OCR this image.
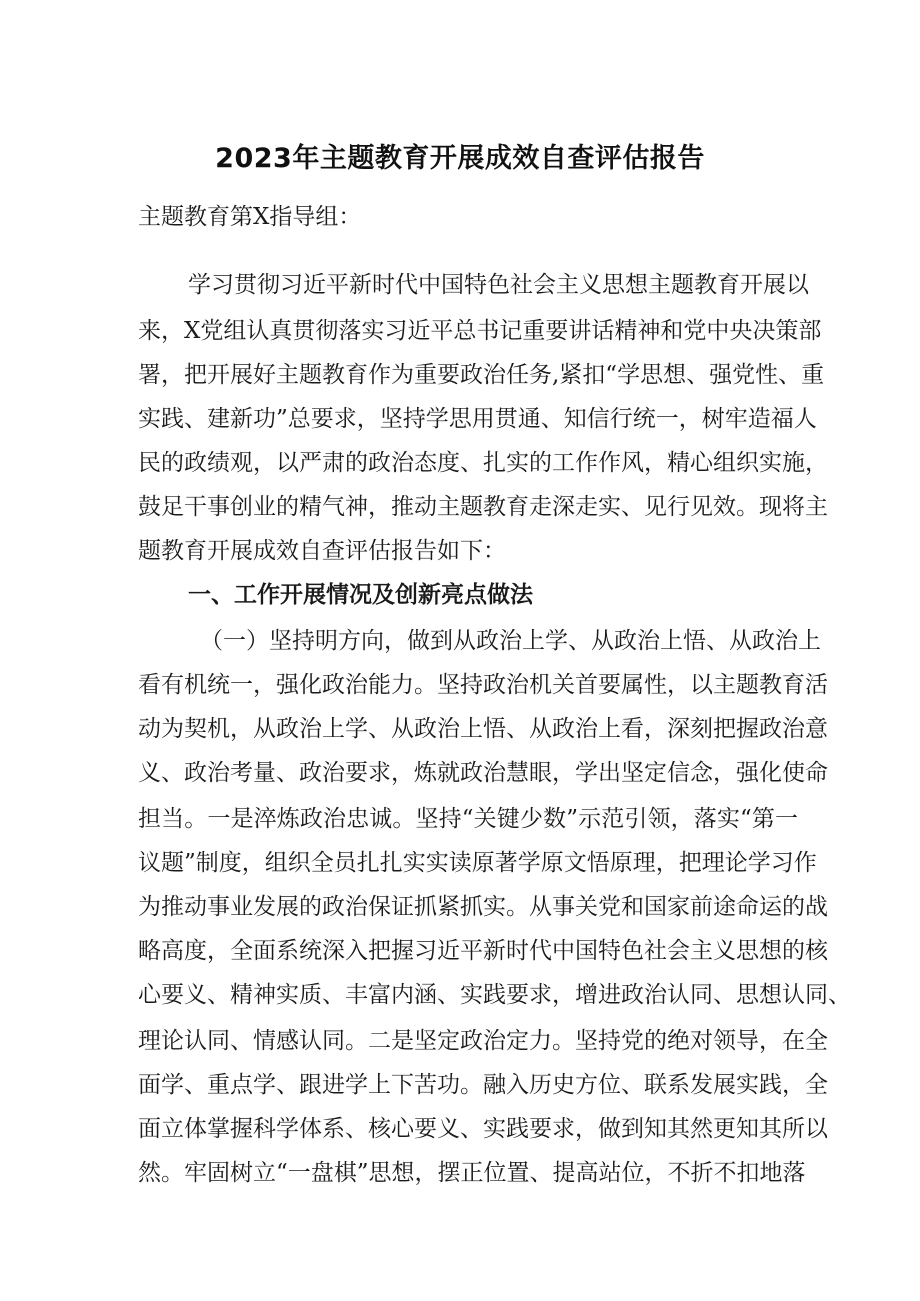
2023年主题教育开展成效自查评估报告

主题教育第X指导组：

学习贯彻习近平新时代中国特色社会主义思想主题教育开展以

来，X党组认真贯彻落实习近平总书记重要讲话精神和党中央决策部

署，把开展好主题教育作为重要政治任务,紧扣“学思想、强党性、重

实践、建新功”总要求，坚持学思用贯通、知信行统一，树牢造福人

民的政绩观，以严肃的政治态度、扎实的工作作风，精心组织实施，

鼓足干事创业的精气神，推动主题教育走深走实、见行见效。现将主

题教育开展成效自查评估报告如下：

一、工作开展情况及创新亮点做法

（一）坚持明方向，做到从政治上学、从政治上悟、从政治上

看有机统一，强化政治能力。坚持政治机关首要属性，以主题教育活

动为契机，从政治上学、从政治上悟、从政治上看，深刻把握政治意

义、政治考量、政治要求，炼就政治慧眼，学出坚定信念，强化使命

担当。一是淬炼政治忠诚。坚持“关键少数”示范引领，落实“第一

议题”制度，组织全员扎扎实实读原著学原文悟原理，把理论学习作

为推动事业发展的政治保证抓紧抓实。从事关党和国家前途命运的战

略高度，全面系统深入把握习近平新时代中国特色社会主义思想的核

心要义、精神实质、丰富内涵、实践要求，增进政治认同、思想认同、

理论认同、情感认同。二是坚定政治定力。坚持党的绝对领导，在全

面学、重点学、跟进学上下苦功。融入历史方位、联系发展实践，全

面立体掌握科学体系、核心要义、实践要求，做到知其然更知其所以

然。牢固树立“一盘棋”思想，摆正位置、提高站位，不折不扣地落
